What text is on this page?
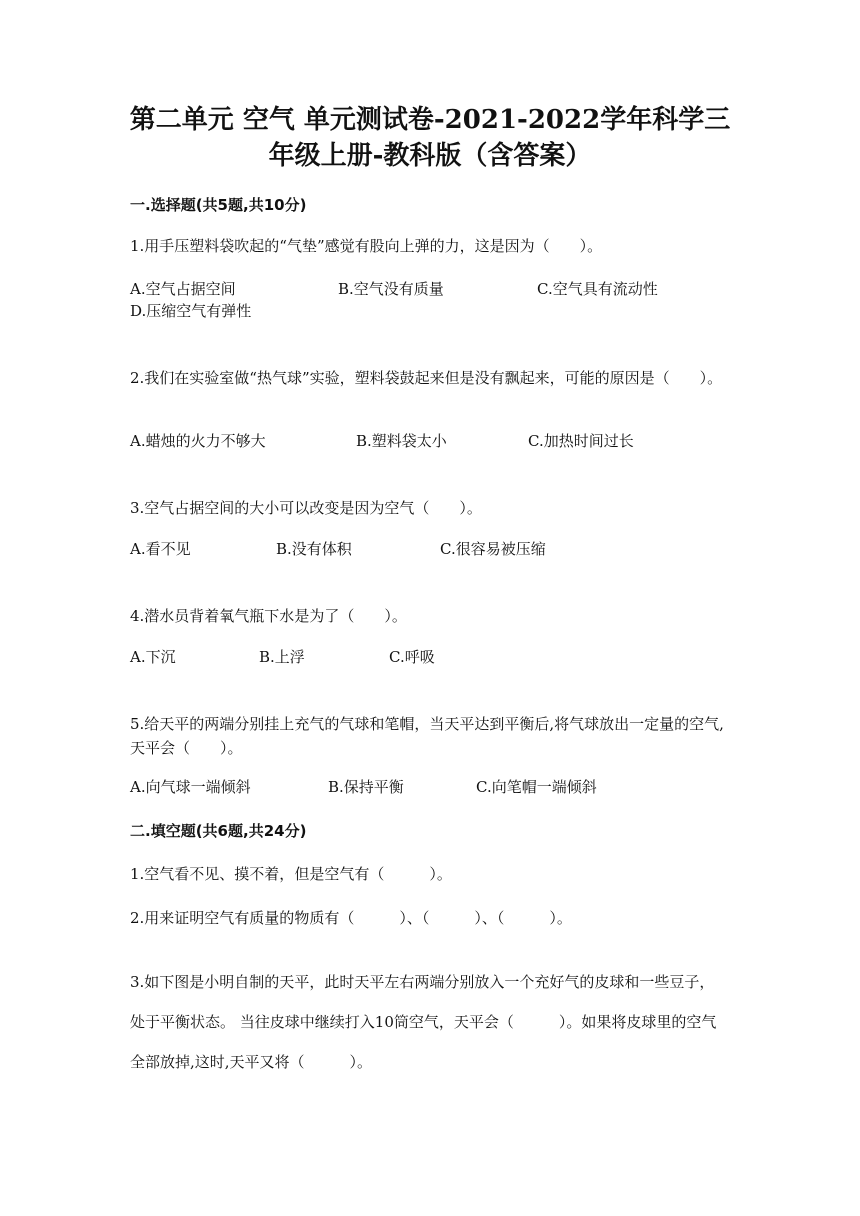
第二单元 空气 单元测试卷-2021-2022学年科学三
年级上册-教科版（含答案）
一.选择题(共5题,共10分)
1.用手压塑料袋吹起的“气垫”感觉有股向上弹的力，这是因为（　　）。
A.空气占据空间	B.空气没有质量	C.空气具有流动性
D.压缩空气有弹性
2.我们在实验室做“热气球”实验，塑料袋鼓起来但是没有飘起来，可能的原因是（　　）。
A.蜡烛的火力不够大	B.塑料袋太小	C.加热时间过长
3.空气占据空间的大小可以改变是因为空气（　　）。
A.看不见	B.没有体积	C.很容易被压缩
4.潜水员背着氧气瓶下水是为了（　　）。
A.下沉	B.上浮	C.呼吸
5.给天平的两端分别挂上充气的气球和笔帽，当天平达到平衡后,将气球放出一定量的空气,天平会（　　）。
A.向气球一端倾斜	B.保持平衡	C.向笔帽一端倾斜
二.填空题(共6题,共24分)
1.空气看不见、摸不着，但是空气有（　　　）。
2.用来证明空气有质量的物质有（　　　）、（　　　）、（　　　）。
3.如下图是小明自制的天平，此时天平左右两端分别放入一个充好气的皮球和一些豆子，处于平衡状态。 当往皮球中继续打入10筒空气，天平会（　　　）。如果将皮球里的空气全部放掉,这时,天平又将（　　　）。
